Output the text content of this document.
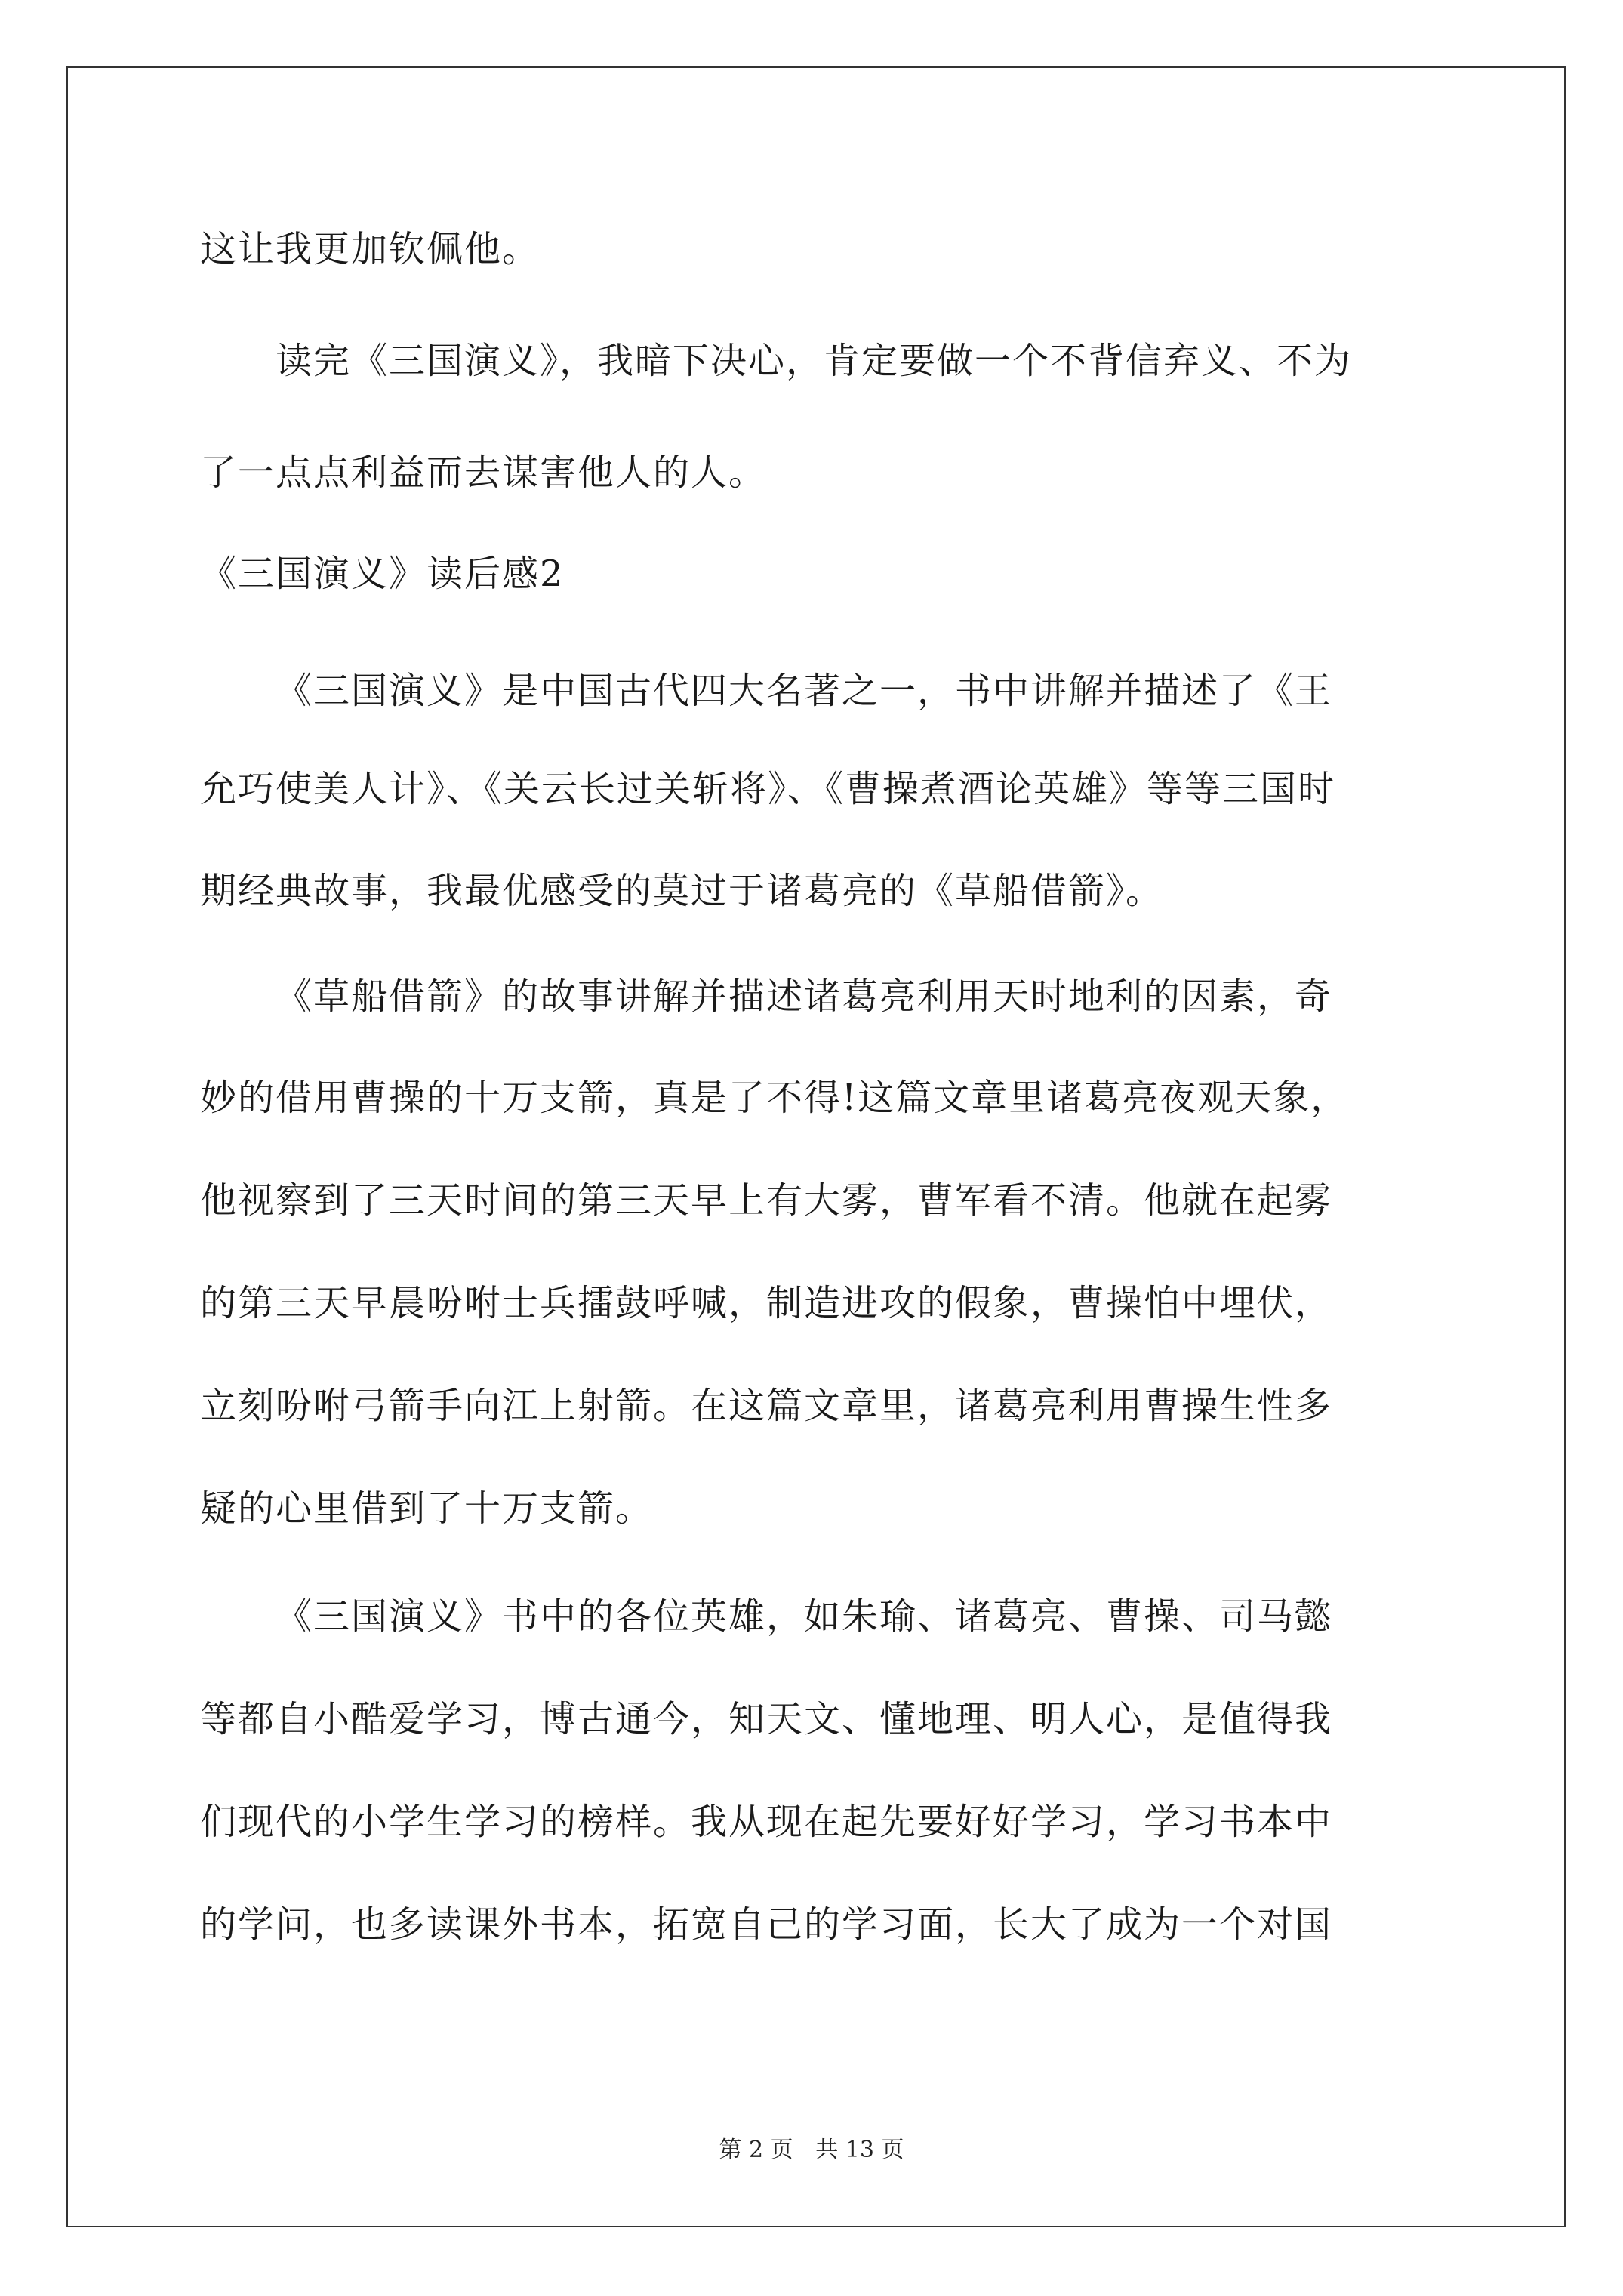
这让我更加钦佩他。
读完《三国演义》，我暗下决心，肯定要做一个不背信弃义、不为
了一点点利益而去谋害他人的人。
《三国演义》读后感2
《三国演义》是中国古代四大名著之一，书中讲解并描述了《王
允巧使美人计》、《关云长过关斩将》、《曹操煮酒论英雄》等等三国时
期经典故事，我最优感受的莫过于诸葛亮的《草船借箭》。
《草船借箭》的故事讲解并描述诸葛亮利用天时地利的因素，奇
妙的借用曹操的十万支箭，真是了不得!这篇文章里诸葛亮夜观天象，
他视察到了三天时间的第三天早上有大雾，曹军看不清。他就在起雾
的第三天早晨吩咐士兵擂鼓呼喊，制造进攻的假象，曹操怕中埋伏，
立刻吩咐弓箭手向江上射箭。在这篇文章里，诸葛亮利用曹操生性多
疑的心里借到了十万支箭。
《三国演义》书中的各位英雄，如朱瑜、诸葛亮、曹操、司马懿
等都自小酷爱学习，博古通今，知天文、懂地理、明人心，是值得我
们现代的小学生学习的榜样。我从现在起先要好好学习，学习书本中
的学问，也多读课外书本，拓宽自己的学习面，长大了成为一个对国
第 2 页 共 13 页
